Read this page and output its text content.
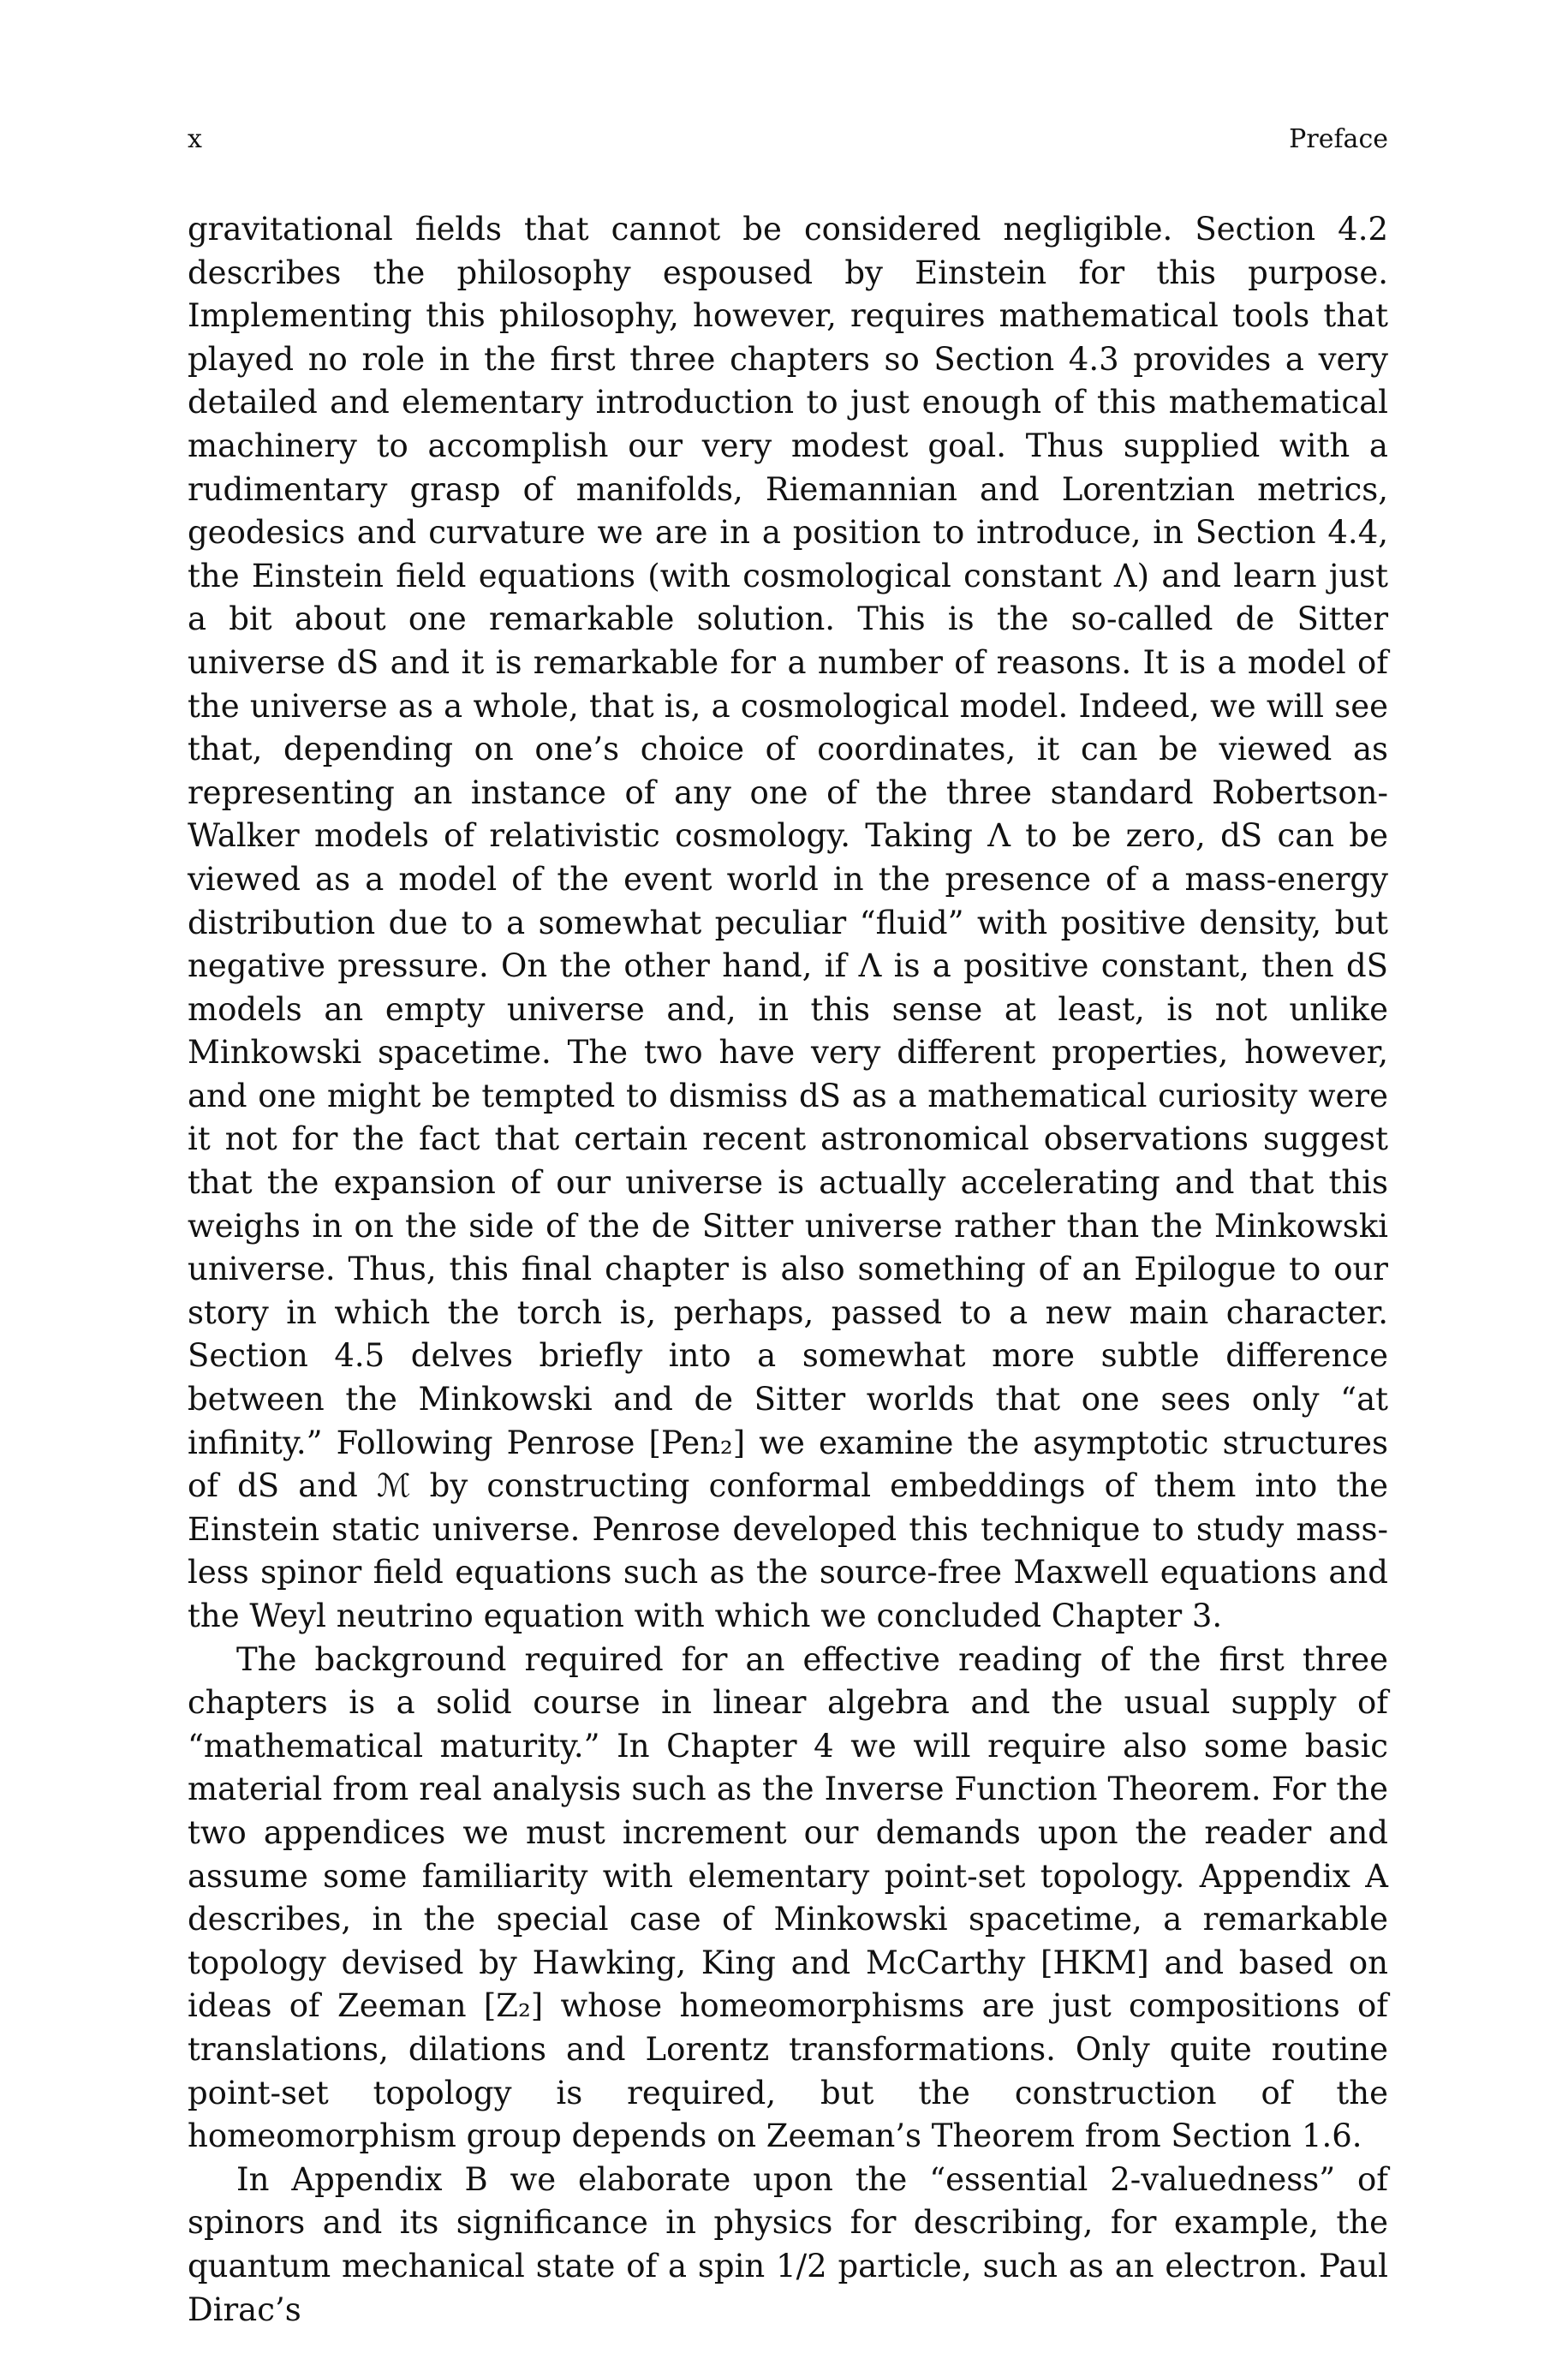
x	Preface

gravitational fields that cannot be considered negligible. Section 4.2 describes the philosophy espoused by Einstein for this purpose. Implementing this philosophy, however, requires mathematical tools that played no role in the first three chapters so Section 4.3 provides a very detailed and elementary introduction to just enough of this mathematical machinery to accomplish our very modest goal. Thus supplied with a rudimentary grasp of manifolds, Riemannian and Lorentzian metrics, geodesics and curvature we are in a position to introduce, in Section 4.4, the Einstein field equations (with cosmological constant Λ) and learn just a bit about one remarkable solution. This is the so-called de Sitter universe dS and it is remarkable for a number of reasons. It is a model of the universe as a whole, that is, a cosmological model. Indeed, we will see that, depending on one’s choice of coordinates, it can be viewed as representing an instance of any one of the three standard Robertson-Walker models of relativistic cosmology. Taking Λ to be zero, dS can be viewed as a model of the event world in the presence of a mass-energy distribution due to a somewhat peculiar “fluid” with positive density, but negative pressure. On the other hand, if Λ is a positive constant, then dS models an empty universe and, in this sense at least, is not unlike Minkowski spacetime. The two have very different properties, however, and one might be tempted to dismiss dS as a mathematical curiosity were it not for the fact that certain recent astronomical observations suggest that the expansion of our universe is actually accelerating and that this weighs in on the side of the de Sitter universe rather than the Minkowski universe. Thus, this final chapter is also something of an Epilogue to our story in which the torch is, perhaps, passed to a new main character. Section 4.5 delves briefly into a somewhat more subtle difference between the Minkowski and de Sitter worlds that one sees only “at infinity.” Following Penrose [Pen₂] we examine the asymptotic structures of dS and ℳ by constructing conformal embeddings of them into the Einstein static universe. Penrose developed this technique to study massless spinor field equations such as the source-free Maxwell equations and the Weyl neutrino equation with which we concluded Chapter 3.

The background required for an effective reading of the first three chapters is a solid course in linear algebra and the usual supply of “mathematical maturity.” In Chapter 4 we will require also some basic material from real analysis such as the Inverse Function Theorem. For the two appendices we must increment our demands upon the reader and assume some familiarity with elementary point-set topology. Appendix A describes, in the special case of Minkowski spacetime, a remarkable topology devised by Hawking, King and McCarthy [HKM] and based on ideas of Zeeman [Z₂] whose homeomorphisms are just compositions of translations, dilations and Lorentz transformations. Only quite routine point-set topology is required, but the construction of the homeomorphism group depends on Zeeman’s Theorem from Section 1.6.

In Appendix B we elaborate upon the “essential 2-valuedness” of spinors and its significance in physics for describing, for example, the quantum mechanical state of a spin 1/2 particle, such as an electron. Paul Dirac’s
